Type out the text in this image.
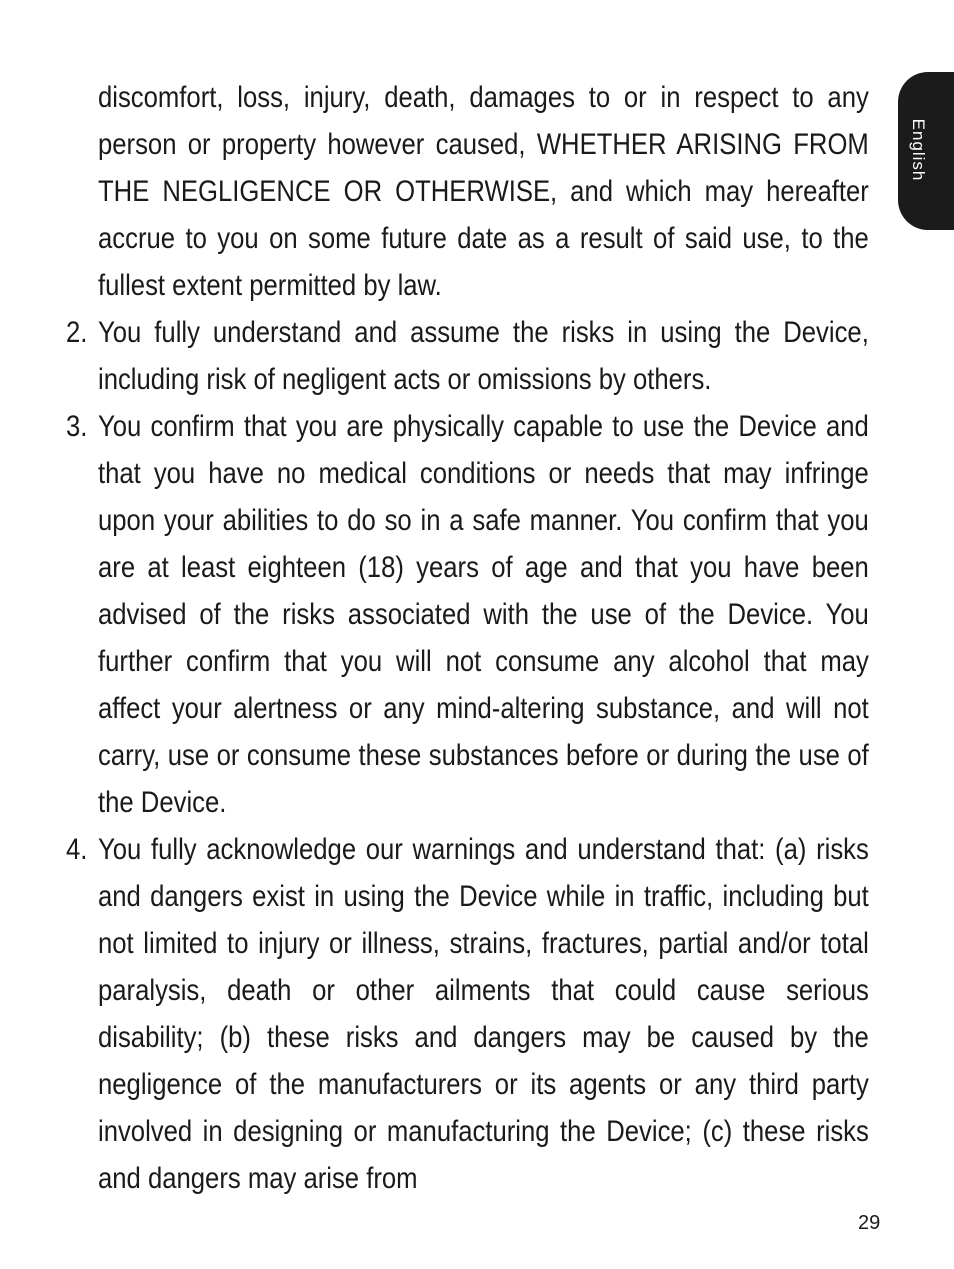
English
discomfort, loss, injury, death, damages to or in respect to any person or property however caused, WHETHER ARISING FROM THE NEGLIGENCE OR OTHERWISE, and which may hereafter accrue to you on some future date as a result of said use, to the fullest extent permitted by law.
2. You fully understand and assume the risks in using the Device, including risk of negligent acts or omissions by others.
3. You confirm that you are physically capable to use the Device and that you have no medical conditions or needs that may infringe upon your abilities to do so in a safe manner. You confirm that you are at least eighteen (18) years of age and that you have been advised of the risks associated with the use of the Device. You further confirm that you will not consume any alcohol that may affect your alertness or any mind-altering substance, and will not carry, use or consume these substances before or during the use of the Device.
4. You fully acknowledge our warnings and understand that: (a) risks and dangers exist in using the Device while in traffic, including but not limited to injury or illness, strains, fractures, partial and/or total paralysis, death or other ailments that could cause serious disability; (b) these risks and dangers may be caused by the negligence of the manufacturers or its agents or any third party involved in designing or manufacturing the Device; (c) these risks and dangers may arise from
29
